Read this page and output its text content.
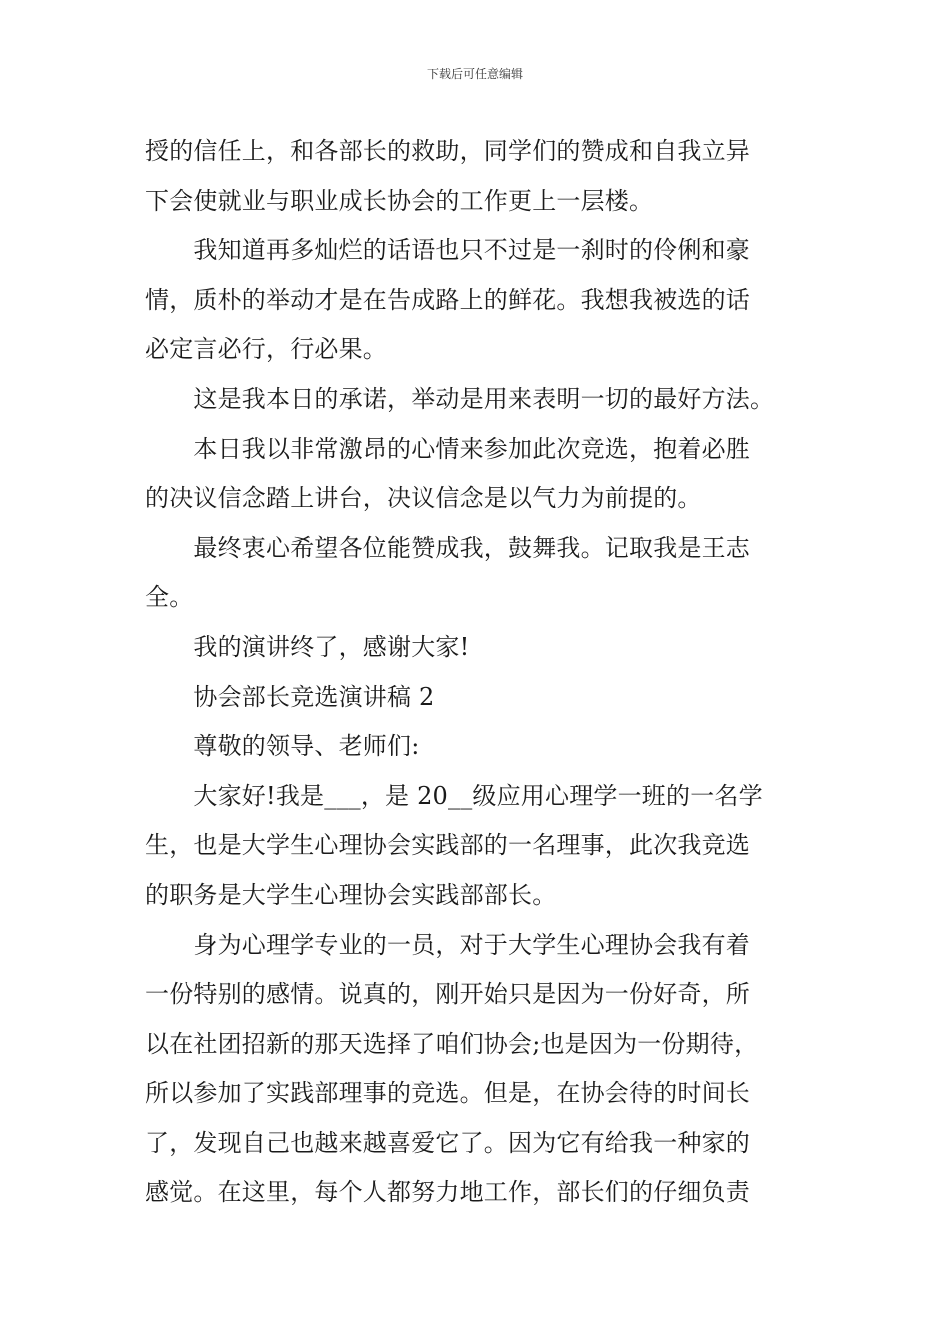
下载后可任意编辑
授的信任上，和各部长的救助，同学们的赞成和自我立异
下会使就业与职业成长协会的工作更上一层楼。
　　我知道再多灿烂的话语也只不过是一刹时的伶俐和豪
情，质朴的举动才是在告成路上的鲜花。我想我被选的话
必定言必行，行必果。
　　这是我本日的承诺，举动是用来表明一切的最好方法。
　　本日我以非常激昂的心情来参加此次竞选，抱着必胜
的决议信念踏上讲台，决议信念是以气力为前提的。
　　最终衷心希望各位能赞成我，鼓舞我。记取我是王志
全。
　　我的演讲终了，感谢大家!
　　协会部长竞选演讲稿 2
　　尊敬的领导、老师们:
　　大家好!我是___，是 20__级应用心理学一班的一名学
生，也是大学生心理协会实践部的一名理事，此次我竞选
的职务是大学生心理协会实践部部长。
　　身为心理学专业的一员，对于大学生心理协会我有着
一份特别的感情。说真的，刚开始只是因为一份好奇，所
以在社团招新的那天选择了咱们协会;也是因为一份期待，
所以参加了实践部理事的竞选。但是，在协会待的时间长
了，发现自己也越来越喜爱它了。因为它有给我一种家的
感觉。在这里，每个人都努力地工作，部长们的仔细负责
